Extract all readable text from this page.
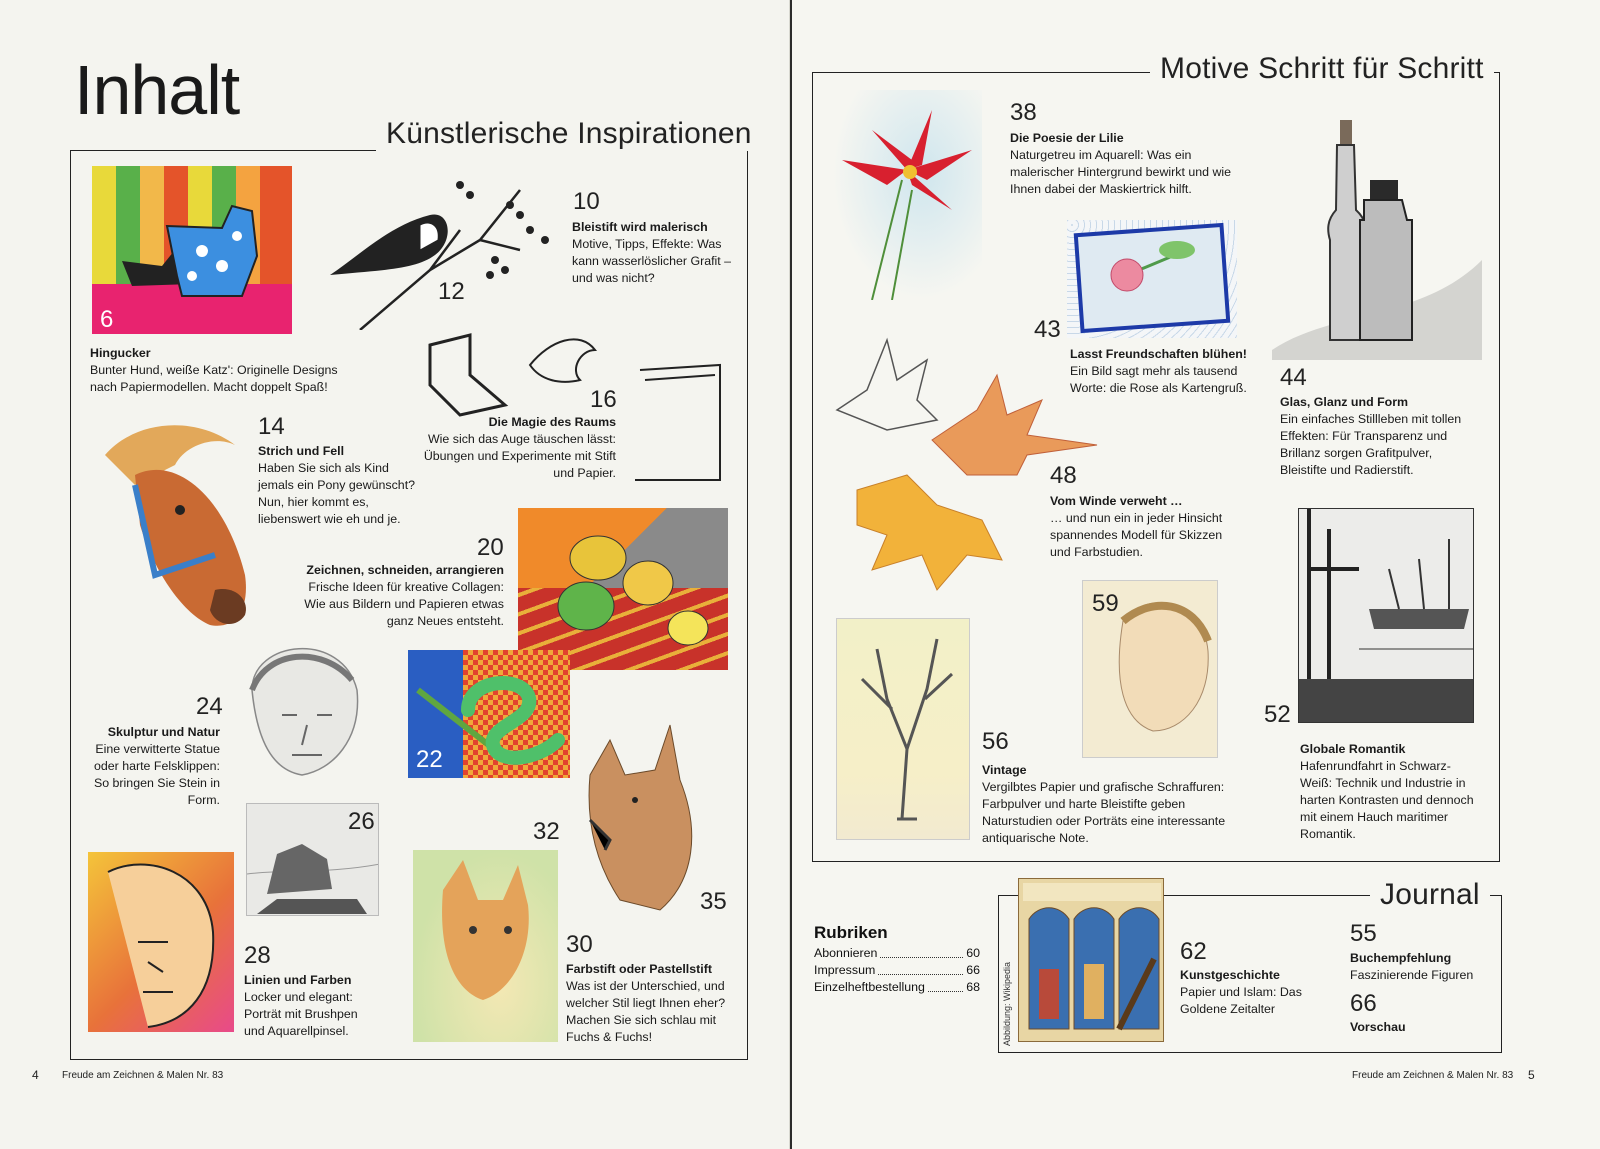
Inhalt
Künstlerische Inspirationen
6
Hingucker
Bunter Hund, weiße Katz': Originelle Designs nach Papiermodellen. Macht doppelt Spaß!
12
10
Bleistift wird malerisch
Motive, Tipps, Effekte: Was kann wasserlöslicher Grafit – und was nicht?
16
Die Magie des Raums
Wie sich das Auge täuschen lässt: Übungen und Experimente mit Stift und Papier.
14
Strich und Fell
Haben Sie sich als Kind jemals ein Pony gewünscht? Nun, hier kommt es, liebenswert wie eh und je.
20
Zeichnen, schneiden, arrangieren
Frische Ideen für kreative Collagen: Wie aus Bildern und Papieren etwas ganz Neues entsteht.
22
24
Skulptur und Natur
Eine verwitterte Statue oder harte Felsklippen: So bringen Sie Stein in Form.
26
28
Linien und Farben
Locker und elegant: Porträt mit Brushpen und Aquarellpinsel.
32
35
30
Farbstift oder Pastellstift
Was ist der Unterschied, und welcher Stil liegt Ihnen eher? Machen Sie sich schlau mit Fuchs & Fuchs!
4 Freude am Zeichnen & Malen Nr. 83
Motive Schritt für Schritt
38
Die Poesie der Lilie
Naturgetreu im Aquarell: Was ein malerischer Hintergrund bewirkt und wie Ihnen dabei der Maskiertrick hilft.
43
Lasst Freundschaften blühen!
Ein Bild sagt mehr als tausend Worte: die Rose als Kartengruß.	44
Glas, Glanz und Form
Ein einfaches Stillleben mit tollen Effekten: Für Transparenz und Brillanz sorgen Grafitpulver, Bleistifte und Radierstift.
48
Vom Winde verweht …
… und nun ein in jeder Hinsicht spannendes Modell für Skizzen und Farbstudien.
52
Globale Romantik
Hafenrundfahrt in Schwarz-Weiß: Technik und Industrie in harten Kontrasten und dennoch mit einem Hauch maritimer Romantik.
59
56
Vintage
Vergilbtes Papier und grafische Schraffuren: Farbpulver und harte Bleistifte geben Naturstudien oder Porträts eine interessante antiquarische Note.
Rubriken
Abonnieren	60
Impressum	66
Einzelheftbestellung	68
Journal
Abbildung: Wikipedia
62
Kunstgeschichte
Papier und Islam: Das Goldene Zeitalter
55
Buchempfehlung
Faszinierende Figuren
66
Vorschau
Freude am Zeichnen & Malen Nr. 83 5
